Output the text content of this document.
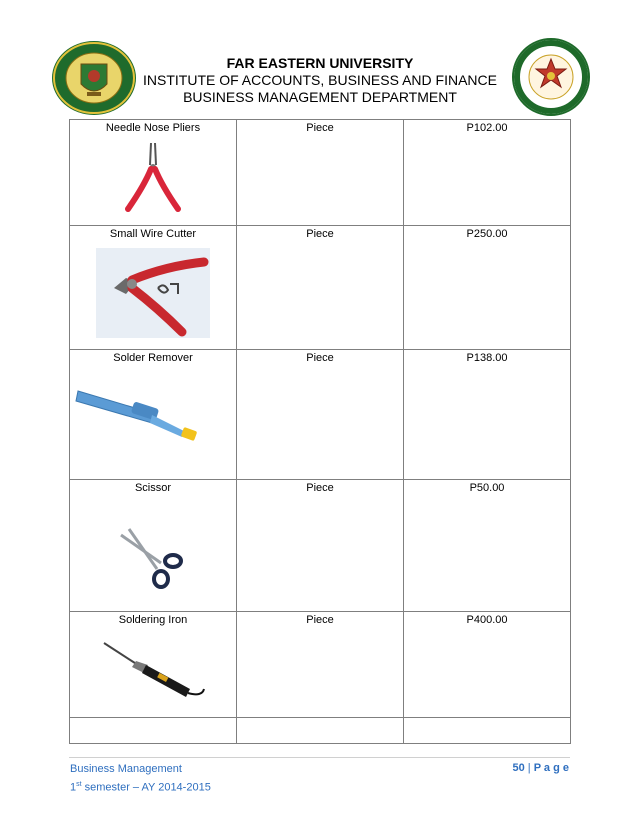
FAR EASTERN UNIVERSITY
INSTITUTE OF ACCOUNTS, BUSINESS AND FINANCE
BUSINESS MANAGEMENT DEPARTMENT
Needle Nose Pliers	Piece	P102.00

Small Wire Cutter	Piece	P250.00

Solder Remover	Piece	P138.00

Scissor	Piece	P50.00

Soldering Iron	Piece	P400.00

Business Management
1st semester – AY 2014-2015
50 | P a g e
